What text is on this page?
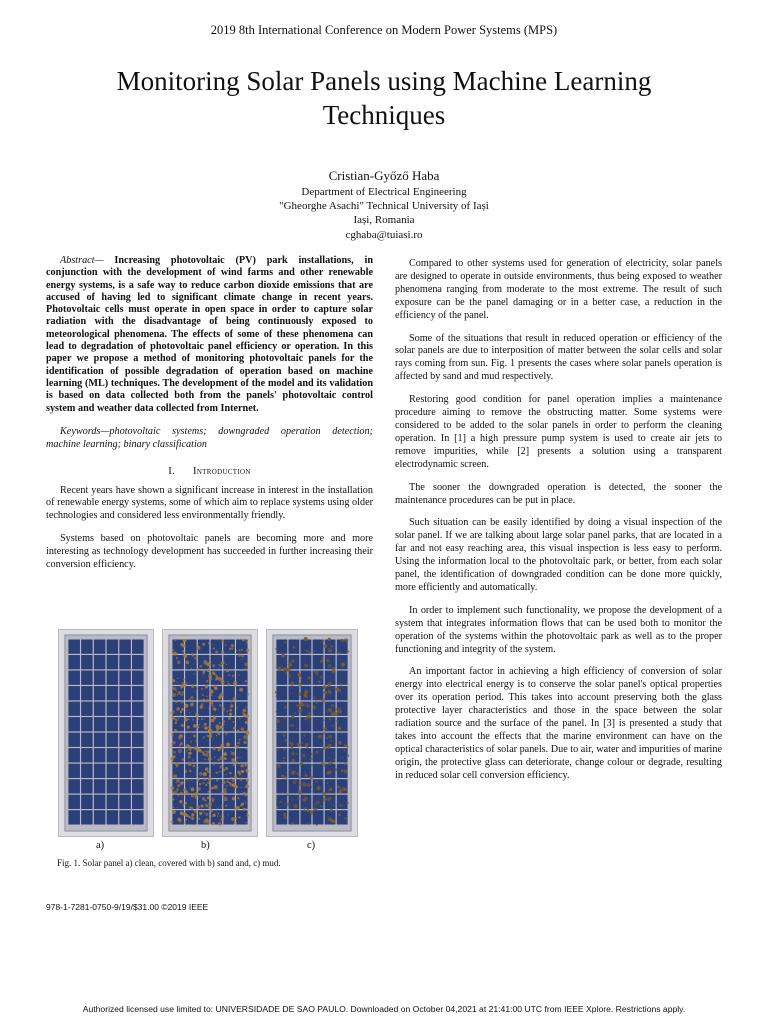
2019 8th International Conference on Modern Power Systems (MPS)
Monitoring Solar Panels using Machine Learning Techniques
Cristian-Győző Haba
Department of Electrical Engineering
"Gheorghe Asachi" Technical University of Iași
Iași, Romania
cghaba@tuiasi.ro
Abstract— Increasing photovoltaic (PV) park installations, in conjunction with the development of wind farms and other renewable energy systems, is a safe way to reduce carbon dioxide emissions that are accused of having led to significant climate change in recent years. Photovoltaic cells must operate in open space in order to capture solar radiation with the disadvantage of being continuously exposed to meteorological phenomena. The effects of some of these phenomena can lead to degradation of photovoltaic panel efficiency or operation. In this paper we propose a method of monitoring photovoltaic panels for the identification of possible degradation of operation based on machine learning (ML) techniques. The development of the model and its validation is based on data collected both from the panels' photovoltaic control system and weather data collected from Internet.
Keywords—photovoltaic systems; downgraded operation detection; machine learning; binary classification
I. Introduction

Recent years have shown a significant increase in interest in the installation of renewable energy systems, some of which aim to replace systems using older technologies and considered less environmentally friendly.

Systems based on photovoltaic panels are becoming more and more interesting as technology development has succeeded in further increasing their conversion efficiency.

a)	b)	c)
Fig. 1. Solar panel a) clean, covered with b) sand and, c) mud.
978-1-7281-0750-9/19/$31.00 ©2019 IEEE

Compared to other systems used for generation of electricity, solar panels are designed to operate in outside environments, thus being exposed to weather phenomena ranging from moderate to the most extreme. The result of such exposure can be the panel damaging or in a better case, a reduction in the efficiency of the panel.

Some of the situations that result in reduced operation or efficiency of the solar panels are due to interposition of matter between the solar cells and solar rays coming from sun. Fig. 1 presents the cases where solar panels operation is affected by sand and mud respectively.

Restoring good condition for panel operation implies a maintenance procedure aiming to remove the obstructing matter. Some systems were considered to be added to the solar panels in order to perform the cleaning operation. In [1] a high pressure pump system is used to create air jets to remove impurities, while [2] presents a solution using a transparent electrodynamic screen.

The sooner the downgraded operation is detected, the sooner the maintenance procedures can be put in place.

Such situation can be easily identified by doing a visual inspection of the solar panel. If we are talking about large solar panel parks, that are located in a far and not easy reaching area, this visual inspection is less easy to perform. Using the information local to the photovoltaic park, or better, from each solar panel, the identification of downgraded condition can be done more quickly, more efficiently and automatically.

In order to implement such functionality, we propose the development of a system that integrates information flows that can be used both to monitor the operation of the systems within the photovoltaic park as well as to the proper functioning and integrity of the system.

An important factor in achieving a high efficiency of conversion of solar energy into electrical energy is to conserve the solar panel's optical properties over its operation period. This takes into account preserving both the glass protective layer characteristics and those in the space between the solar radiation source and the surface of the panel. In [3] is presented a study that takes into account the effects that the marine environment can have on the optical characteristics of solar panels. Due to air, water and impurities of marine origin, the protective glass can deteriorate, change colour or degrade, resulting in reduced solar cell conversion efficiency.

Authorized licensed use limited to: UNIVERSIDADE DE SAO PAULO. Downloaded on October 04,2021 at 21:41:00 UTC from IEEE Xplore. Restrictions apply.
